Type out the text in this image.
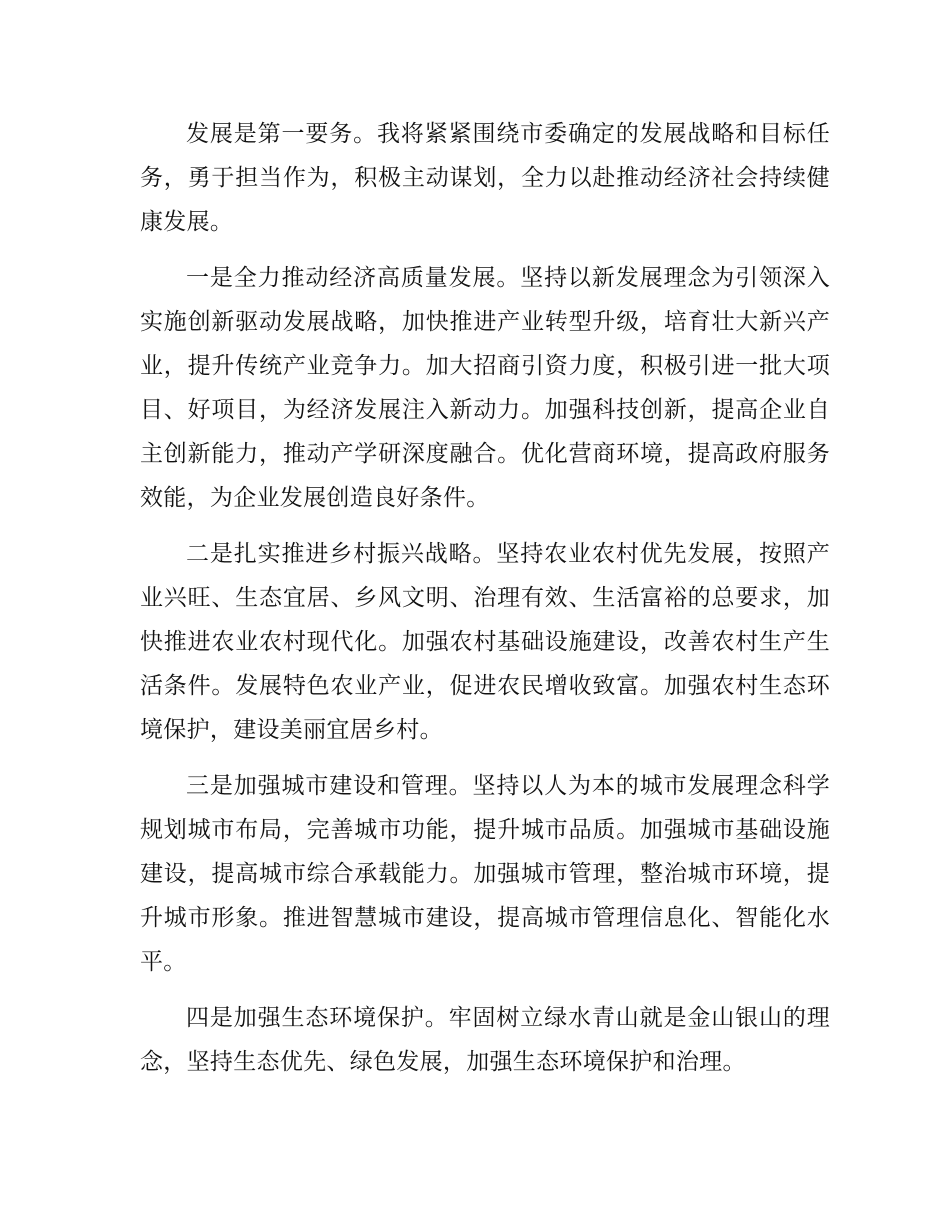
发展是第一要务。我将紧紧围绕市委确定的发展战略和目标任务，勇于担当作为，积极主动谋划，全力以赴推动经济社会持续健康发展。

一是全力推动经济高质量发展。坚持以新发展理念为引领深入实施创新驱动发展战略，加快推进产业转型升级，培育壮大新兴产业，提升传统产业竞争力。加大招商引资力度，积极引进一批大项目、好项目，为经济发展注入新动力。加强科技创新，提高企业自主创新能力，推动产学研深度融合。优化营商环境，提高政府服务效能，为企业发展创造良好条件。

二是扎实推进乡村振兴战略。坚持农业农村优先发展，按照产业兴旺、生态宜居、乡风文明、治理有效、生活富裕的总要求，加快推进农业农村现代化。加强农村基础设施建设，改善农村生产生活条件。发展特色农业产业，促进农民增收致富。加强农村生态环境保护，建设美丽宜居乡村。

三是加强城市建设和管理。坚持以人为本的城市发展理念科学规划城市布局，完善城市功能，提升城市品质。加强城市基础设施建设，提高城市综合承载能力。加强城市管理，整治城市环境，提升城市形象。推进智慧城市建设，提高城市管理信息化、智能化水平。

四是加强生态环境保护。牢固树立绿水青山就是金山银山的理念，坚持生态优先、绿色发展，加强生态环境保护和治理。
